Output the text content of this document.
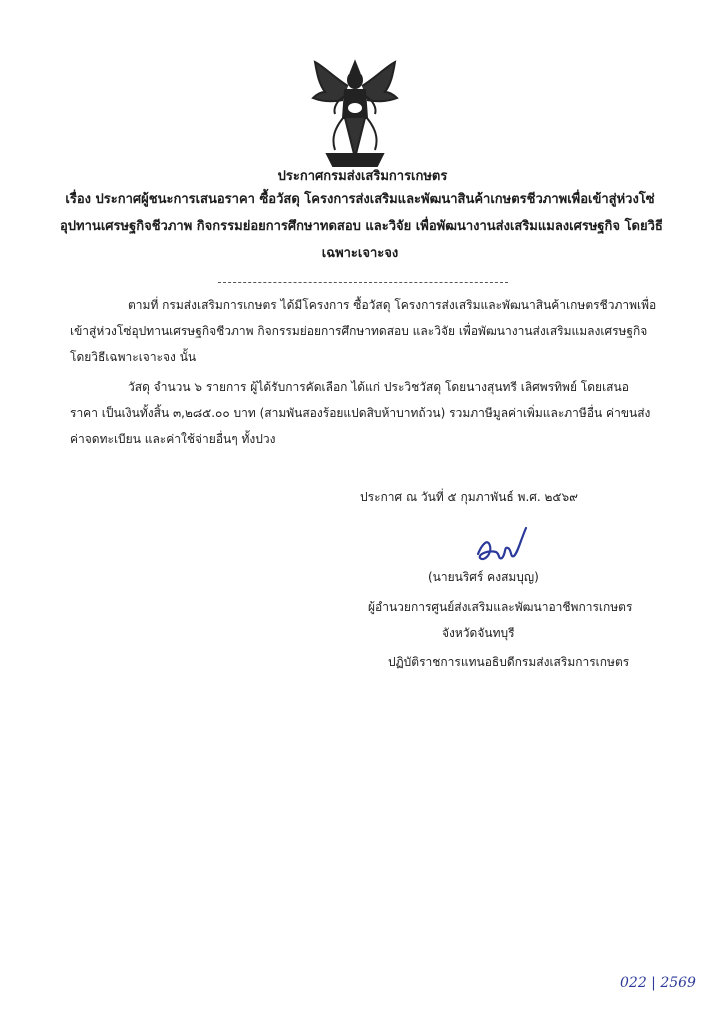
ประกาศกรมส่งเสริมการเกษตร
เรื่อง ประกาศผู้ชนะการเสนอราคา ซื้อวัสดุ โครงการส่งเสริมและพัฒนาสินค้าเกษตรชีวภาพเพื่อเข้าสู่ห่วงโซ่
อุปทานเศรษฐกิจชีวภาพ กิจกรรมย่อยการศึกษาทดสอบ และวิจัย เพื่อพัฒนางานส่งเสริมแมลงเศรษฐกิจ โดยวิธี
เฉพาะเจาะจง
ตามที่ กรมส่งเสริมการเกษตร ได้มีโครงการ ซื้อวัสดุ โครงการส่งเสริมและพัฒนาสินค้าเกษตรชีวภาพเพื่อ
เข้าสู่ห่วงโซ่อุปทานเศรษฐกิจชีวภาพ กิจกรรมย่อยการศึกษาทดสอบ และวิจัย เพื่อพัฒนางานส่งเสริมแมลงเศรษฐกิจ
โดยวิธีเฉพาะเจาะจง นั้น
วัสดุ จำนวน ๖ รายการ ผู้ได้รับการคัดเลือก ได้แก่ ประวิชวัสดุ โดยนางสุนทรี เลิศพรทิพย์ โดยเสนอ
ราคา เป็นเงินทั้งสิ้น ๓,๒๘๕.๐๐ บาท (สามพันสองร้อยแปดสิบห้าบาทถ้วน) รวมภาษีมูลค่าเพิ่มและภาษีอื่น ค่าขนส่ง
ค่าจดทะเบียน และค่าใช้จ่ายอื่นๆ ทั้งปวง
ประกาศ ณ วันที่ ๕ กุมภาพันธ์ พ.ศ. ๒๕๖๙
(นายนริศร์ คงสมบุญ)
ผู้อำนวยการศูนย์ส่งเสริมและพัฒนาอาชีพการเกษตร
จังหวัดจันทบุรี
ปฏิบัติราชการแทนอธิบดีกรมส่งเสริมการเกษตร
022 | 2569
